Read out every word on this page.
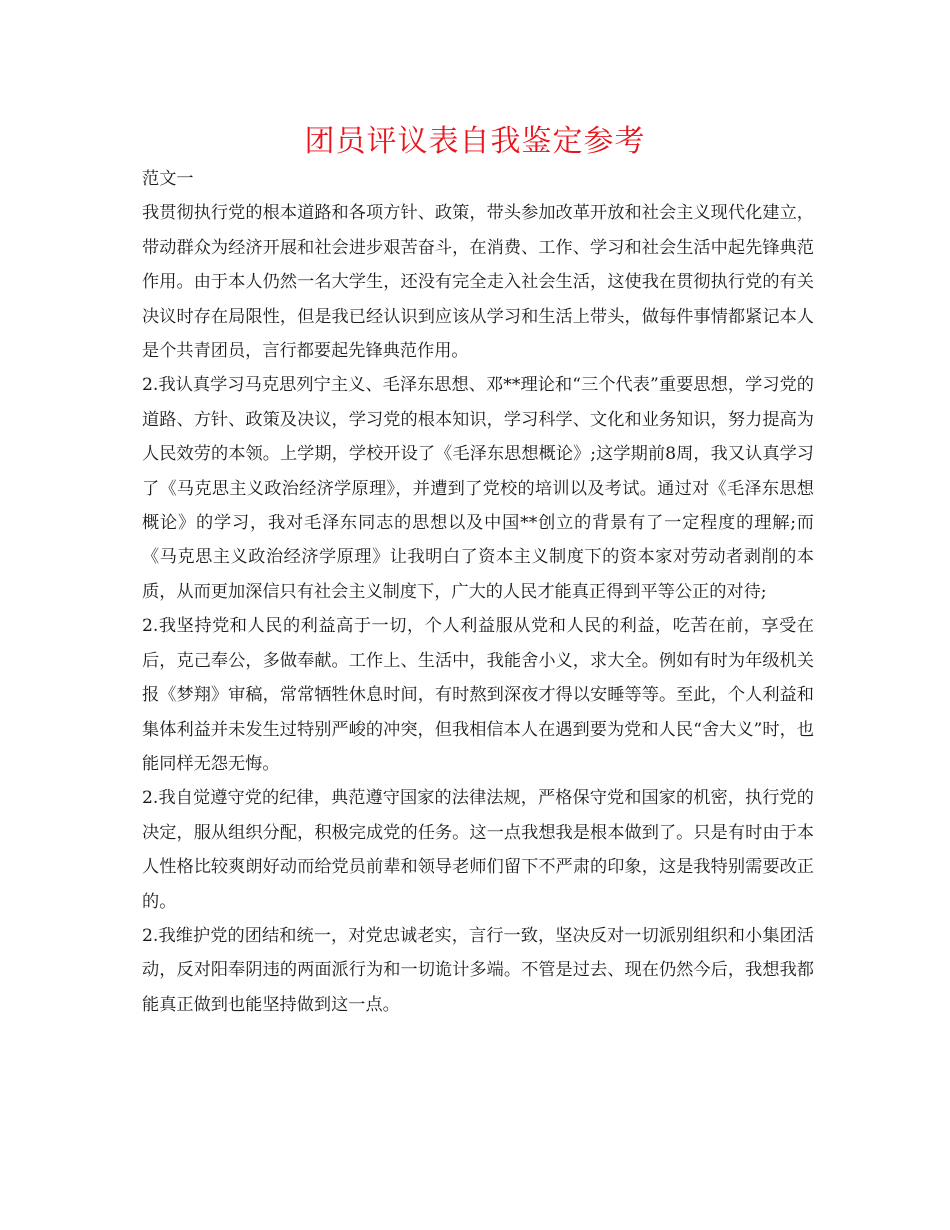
团员评议表自我鉴定参考

范文一

我贯彻执行党的根本道路和各项方针、政策，带头参加改革开放和社会主义现代化建立，带动群众为经济开展和社会进步艰苦奋斗，在消费、工作、学习和社会生活中起先锋典范作用。由于本人仍然一名大学生，还没有完全走入社会生活，这使我在贯彻执行党的有关决议时存在局限性，但是我已经认识到应该从学习和生活上带头，做每件事情都紧记本人是个共青团员，言行都要起先锋典范作用。

2.我认真学习马克思列宁主义、毛泽东思想、邓**理论和“三个代表”重要思想，学习党的道路、方针、政策及决议，学习党的根本知识，学习科学、文化和业务知识，努力提高为人民效劳的本领。上学期，学校开设了《毛泽东思想概论》;这学期前8周，我又认真学习了《马克思主义政治经济学原理》，并遭到了党校的培训以及考试。通过对《毛泽东思想概论》的学习，我对毛泽东同志的思想以及中国**创立的背景有了一定程度的理解;而《马克思主义政治经济学原理》让我明白了资本主义制度下的资本家对劳动者剥削的本质，从而更加深信只有社会主义制度下，广大的人民才能真正得到平等公正的对待;

2.我坚持党和人民的利益高于一切，个人利益服从党和人民的利益，吃苦在前，享受在后，克己奉公，多做奉献。工作上、生活中，我能舍小义，求大全。例如有时为年级机关报《梦翔》审稿，常常牺牲休息时间，有时熬到深夜才得以安睡等等。至此，个人利益和集体利益并未发生过特别严峻的冲突，但我相信本人在遇到要为党和人民“舍大义”时，也能同样无怨无悔。

2.我自觉遵守党的纪律，典范遵守国家的法律法规，严格保守党和国家的机密，执行党的决定，服从组织分配，积极完成党的任务。这一点我想我是根本做到了。只是有时由于本人性格比较爽朗好动而给党员前辈和领导老师们留下不严肃的印象，这是我特别需要改正的。

2.我维护党的团结和统一，对党忠诚老实，言行一致，坚决反对一切派别组织和小集团活动，反对阳奉阴违的两面派行为和一切诡计多端。不管是过去、现在仍然今后，我想我都能真正做到也能坚持做到这一点。
